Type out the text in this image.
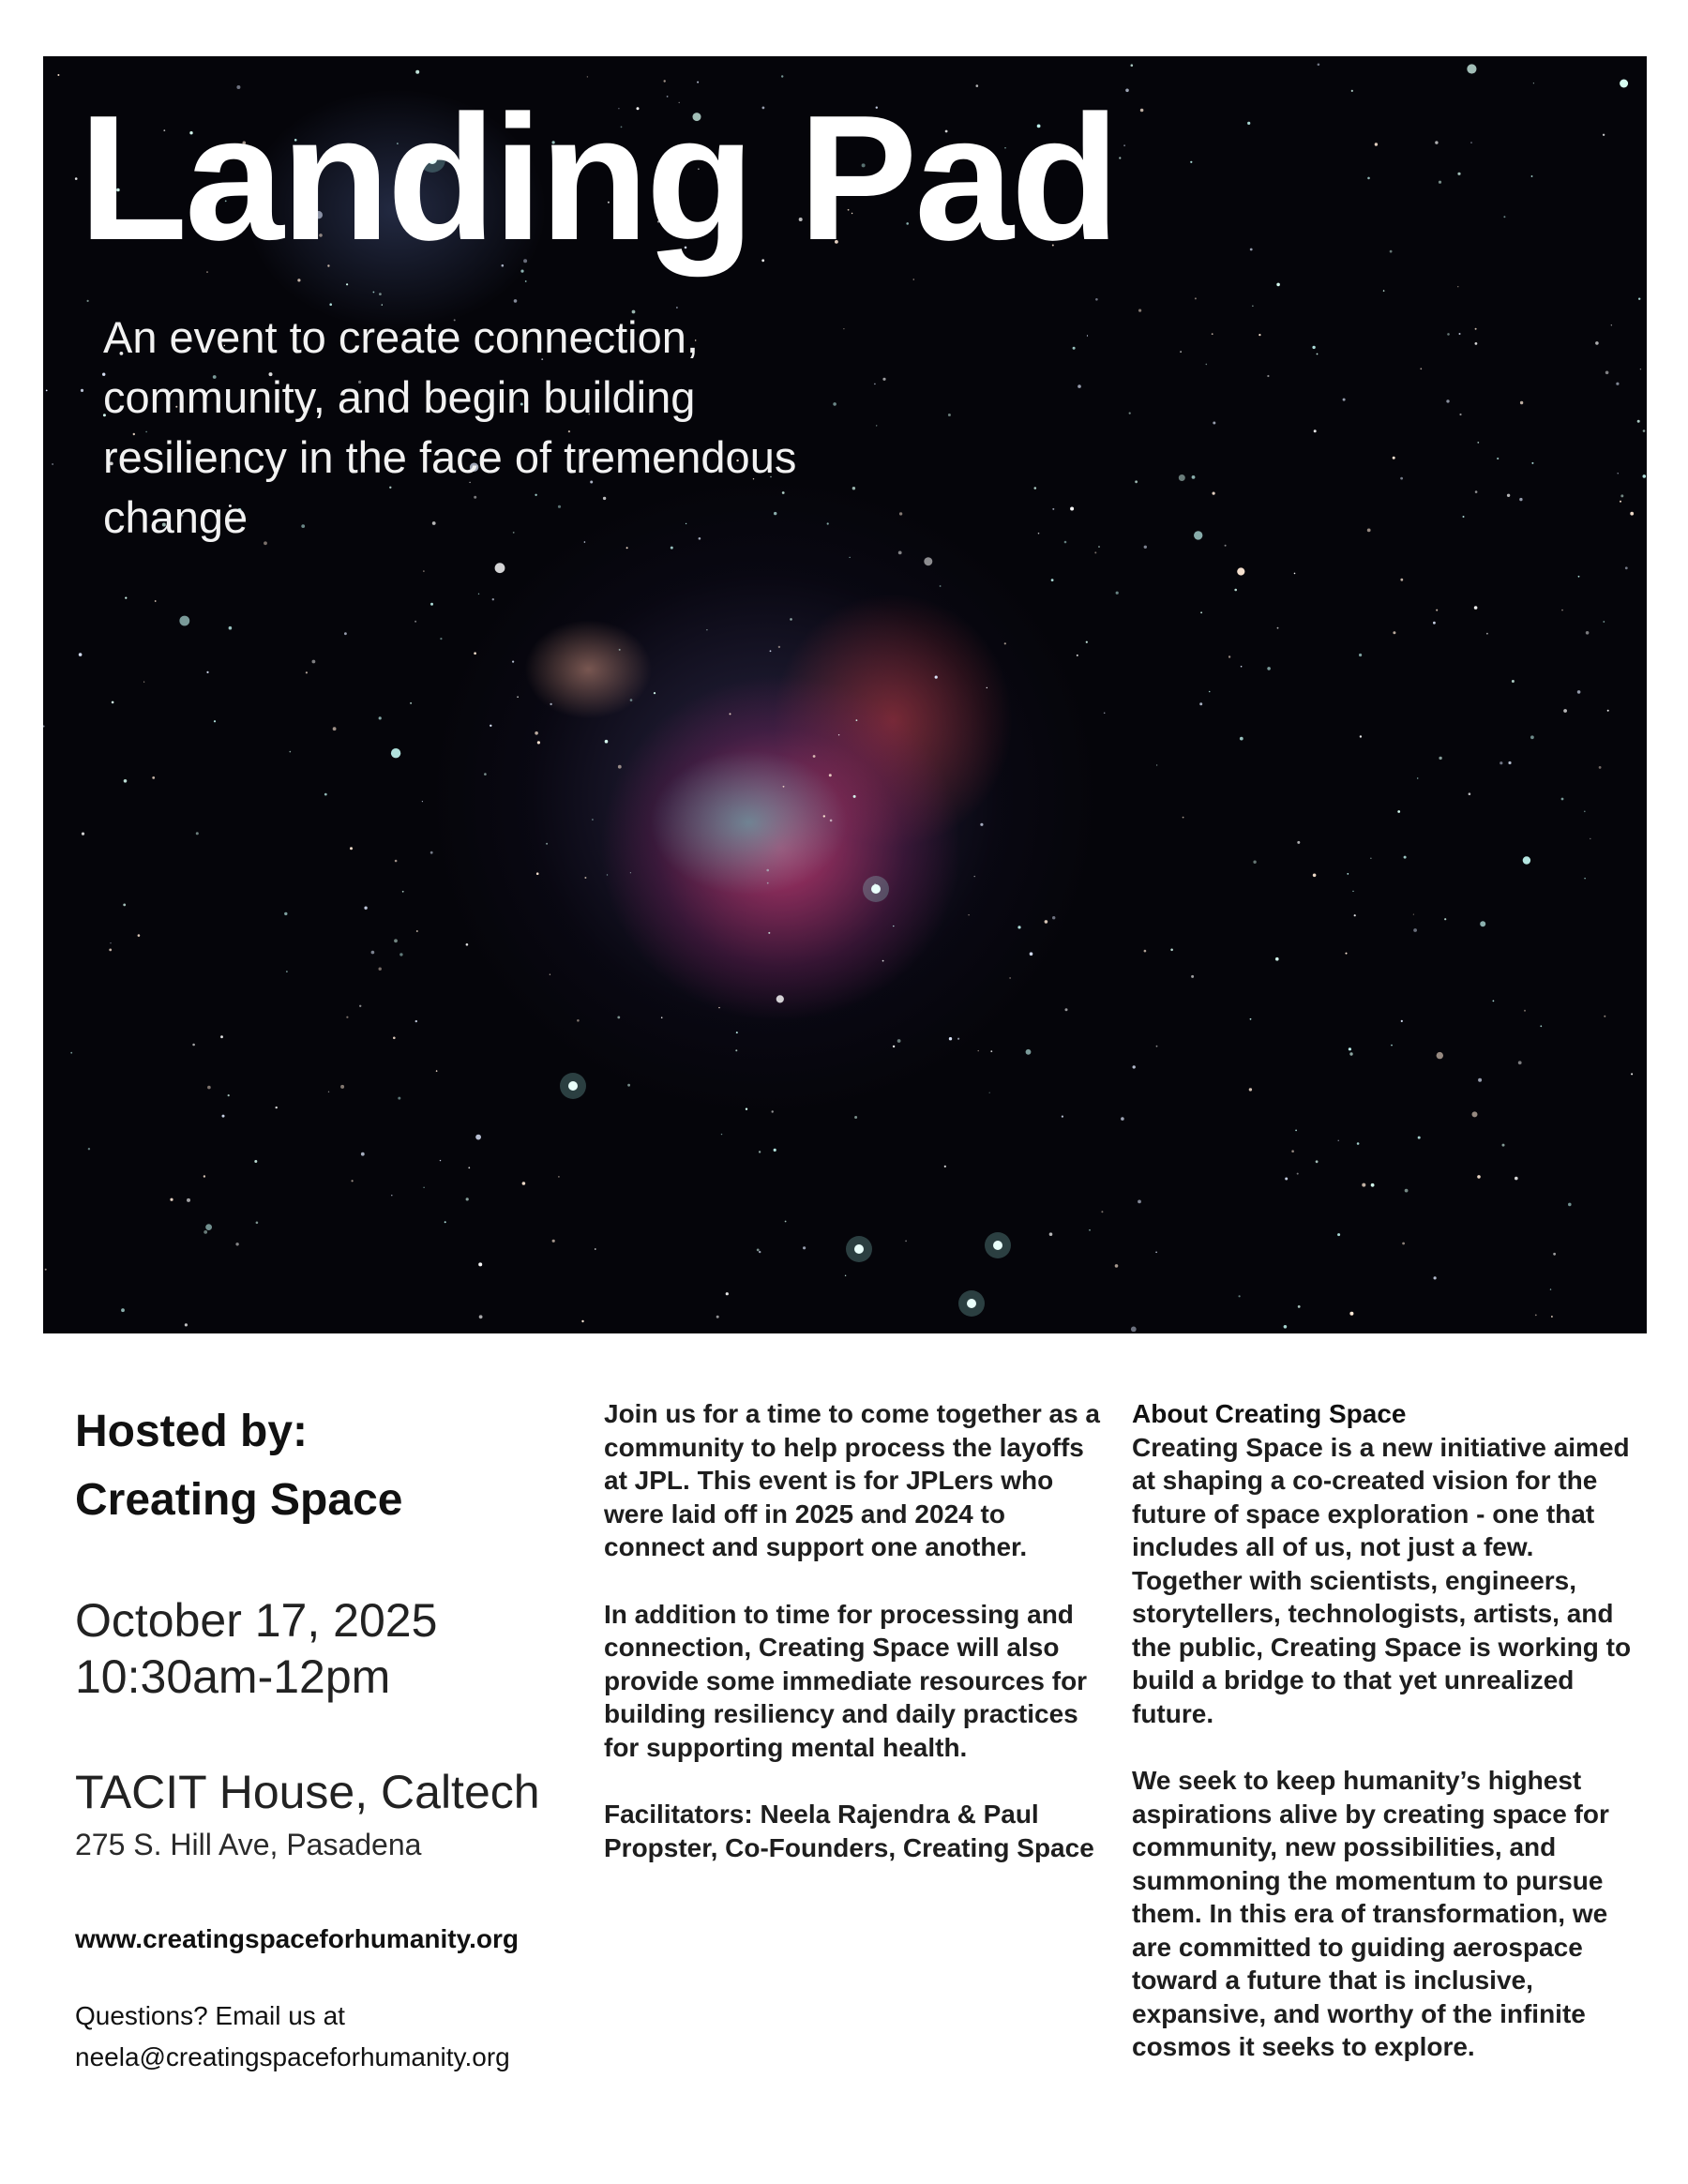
Landing Pad

An event to create connection, community, and begin building resiliency in the face of tremendous change

Hosted by:
Creating Space
October 17, 2025
10:30am-12pm
TACIT House, Caltech
275 S. Hill Ave, Pasadena
www.creatingspaceforhumanity.org
Questions? Email us at
neela@creatingspaceforhumanity.org

Join us for a time to come together as a community to help process the layoffs at JPL. This event is for JPLers who were laid off in 2025 and 2024 to connect and support one another.

In addition to time for processing and connection, Creating Space will also provide some immediate resources for building resiliency and daily practices for supporting mental health.

Facilitators: Neela Rajendra & Paul Propster, Co-Founders, Creating Space

About Creating Space

Creating Space is a new initiative aimed at shaping a co-created vision for the future of space exploration - one that includes all of us, not just a few. Together with scientists, engineers, storytellers, technologists, artists, and the public, Creating Space is working to build a bridge to that yet unrealized future.

We seek to keep humanity’s highest aspirations alive by creating space for community, new possibilities, and summoning the momentum to pursue them. In this era of transformation, we are committed to guiding aerospace toward a future that is inclusive, expansive, and worthy of the infinite cosmos it seeks to explore.
